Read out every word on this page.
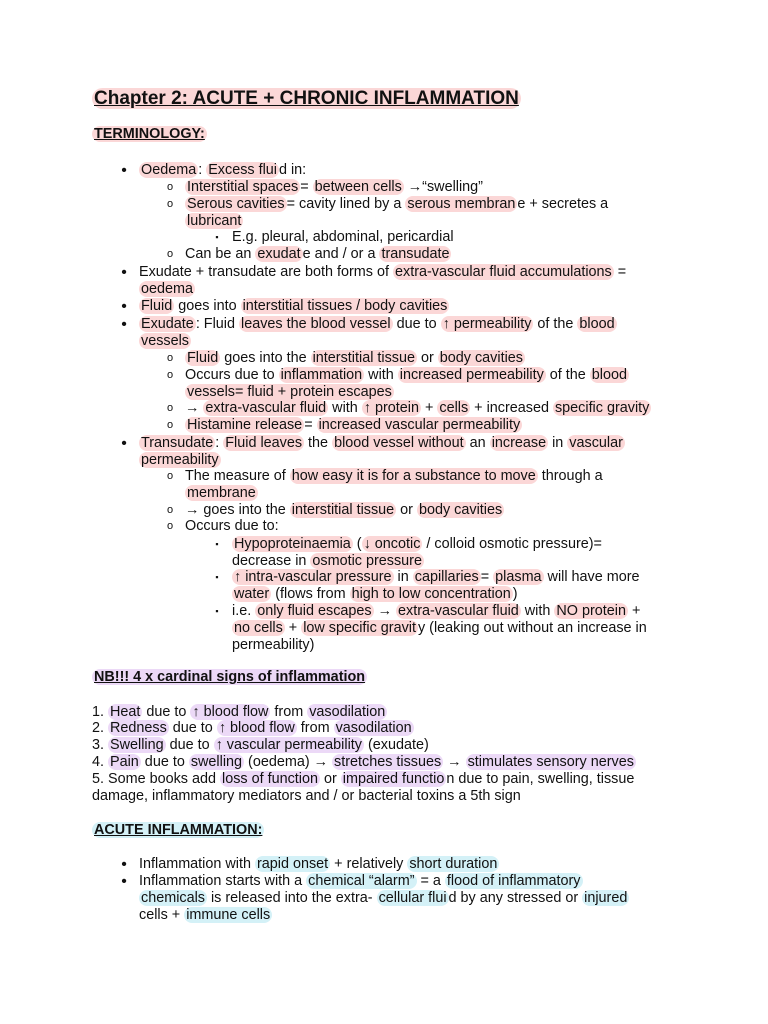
Chapter 2: ACUTE + CHRONIC INFLAMMATION
TERMINOLOGY:
• Oedema : Excess flui d in:
o Interstitial spaces = between cells →“swelling”
o Serous cavities = cavity lined by a serous membran e + secretes a
lubricant
▪ E.g. pleural, abdominal, pericardial
o Can be an exudat e and / or a transudate
• Exudate + transudate are both forms of extra-vascular fluid accumulations =
oedema
• Fluid goes into interstitial tissues / body cavities
• Exudate : Fluid leaves the blood vessel due to ↑ permeability of the blood
vessels
o Fluid goes into the interstitial tissue or body cavities
o Occurs due to inflammation with increased permeability of the blood
vessels= fluid + protein escapes
o → extra-vascular fluid with ↑ protein + cells + increased specific gravity
o Histamine release = increased vascular permeability
• Transudate : Fluid leaves the blood vessel without an increase in vascular
permeability
o The measure of how easy it is for a substance to move through a
membrane
o → goes into the interstitial tissue or body cavities
o Occurs due to:
▪	Hypoproteinaemia ( ↓ oncotic / colloid osmotic pressure)=
decrease in osmotic pressure
▪	↑ intra-vascular pressure in capillaries = plasma will have more
water (flows from high to low concentration )
▪ i.e. only fluid escapes → extra-vascular fluid with NO protein +
no cells + low specific gravit y (leaking out without an increase in
permeability)
1. Heat due to ↑ blood flow from vasodilation
2. Redness due to ↑ blood flow from vasodilation
3. Swelling due to ↑ vascular permeability (exudate)
4. Pain due to swelling (oedema) → stretches tissues → stimulates sensory nerves
5. Some books add loss of function or impaired functio n due to pain, swelling, tissue
damage, inflammatory mediators and / or bacterial toxins a 5th sign
• Inflammation with rapid onset + relatively short duration
• Inflammation starts with a chemical “alarm” = a flood of inflammatory
chemicals is released into the extra- cellular flui d by any stressed or injured
cells + immune cells
NB!!! 4 x cardinal signs of inflammation
ACUTE INFLAMMATION:
